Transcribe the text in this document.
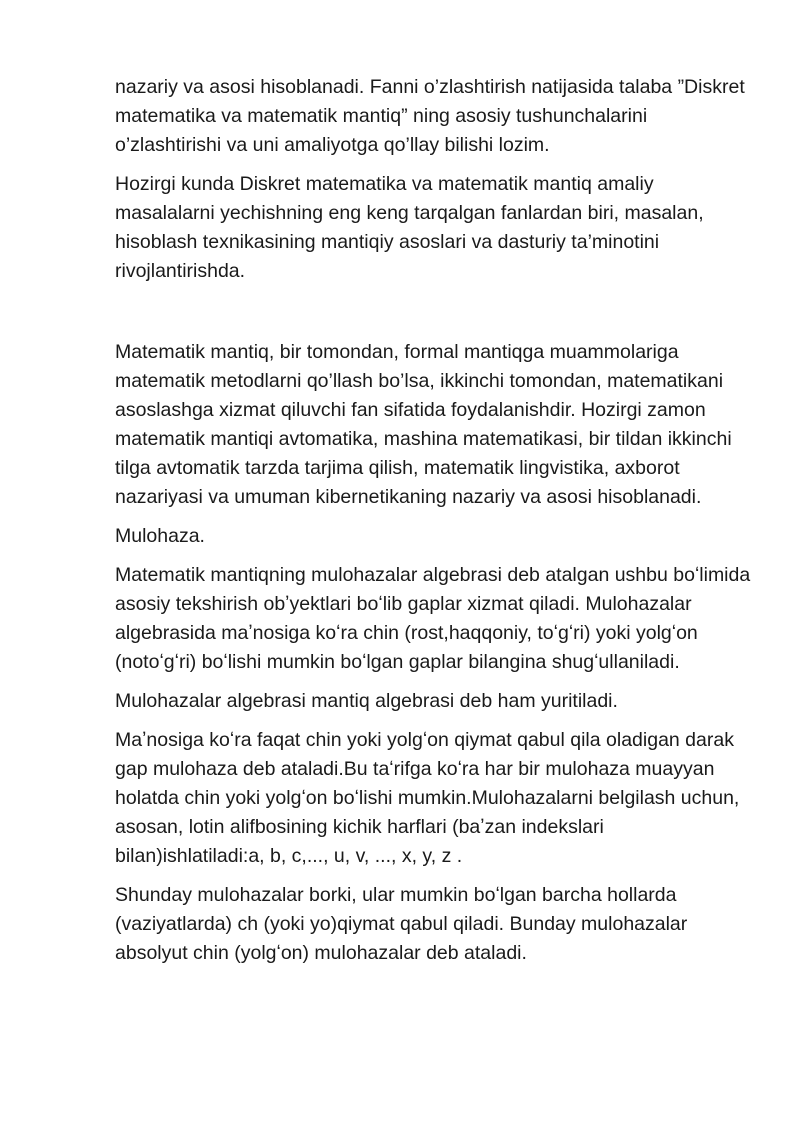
nazariy va asosi hisoblanadi. Fanni o’zlashtirish natijasida talaba ”Diskret matematika va matematik mantiq” ning asosiy tushunchalarini o’zlashtirishi va uni amaliyotga qo’llay bilishi lozim.

Hozirgi kunda Diskret matematika va matematik mantiq amaliy masalalarni yechishning eng keng tarqalgan fanlardan biri, masalan, hisoblash texnikasining mantiqiy asoslari va dasturiy ta’minotini rivojlantirishda.

Matematik mantiq, bir tomondan, formal mantiqga muammolariga matematik metodlarni qo’llash bo’lsa, ikkinchi tomondan, matematikani asoslashga xizmat qiluvchi fan sifatida foydalanishdir. Hozirgi zamon matematik mantiqi avtomatika, mashina matematikasi, bir tildan ikkinchi tilga avtomatik tarzda tarjima qilish, matematik lingvistika, axborot nazariyasi va umuman kibernetikaning nazariy va asosi hisoblanadi.

Mulohaza.

Matematik mantiqning mulohazalar algebrasi deb atalgan ushbu boʻlimida asosiy tekshirish obʼyektlari boʻlib gaplar xizmat qiladi. Mulohazalar algebrasida maʼnosiga koʻra chin (rost,haqqoniy, toʻgʻri) yoki yolgʻon (notoʻgʻri) boʻlishi mumkin boʻlgan gaplar bilangina shugʻullaniladi.

Mulohazalar algebrasi mantiq algebrasi deb ham yuritiladi.

Maʼnosiga koʻra faqat chin yoki yolgʻon qiymat qabul qila oladigan darak gap mulohaza deb ataladi.Bu taʻrifga koʻra har bir mulohaza muayyan holatda chin yoki yolgʻon boʻlishi mumkin.Mulohazalarni belgilash uchun, asosan, lotin alifbosining kichik harflari (baʼzan indekslari bilan)ishlatiladi:a, b, c,..., u, v, ..., x, y, z .

Shunday mulohazalar borki, ular mumkin boʻlgan barcha hollarda (vaziyatlarda) ch (yoki yo)qiymat qabul qiladi. Bunday mulohazalar absolyut chin (yolgʻon) mulohazalar deb ataladi.
